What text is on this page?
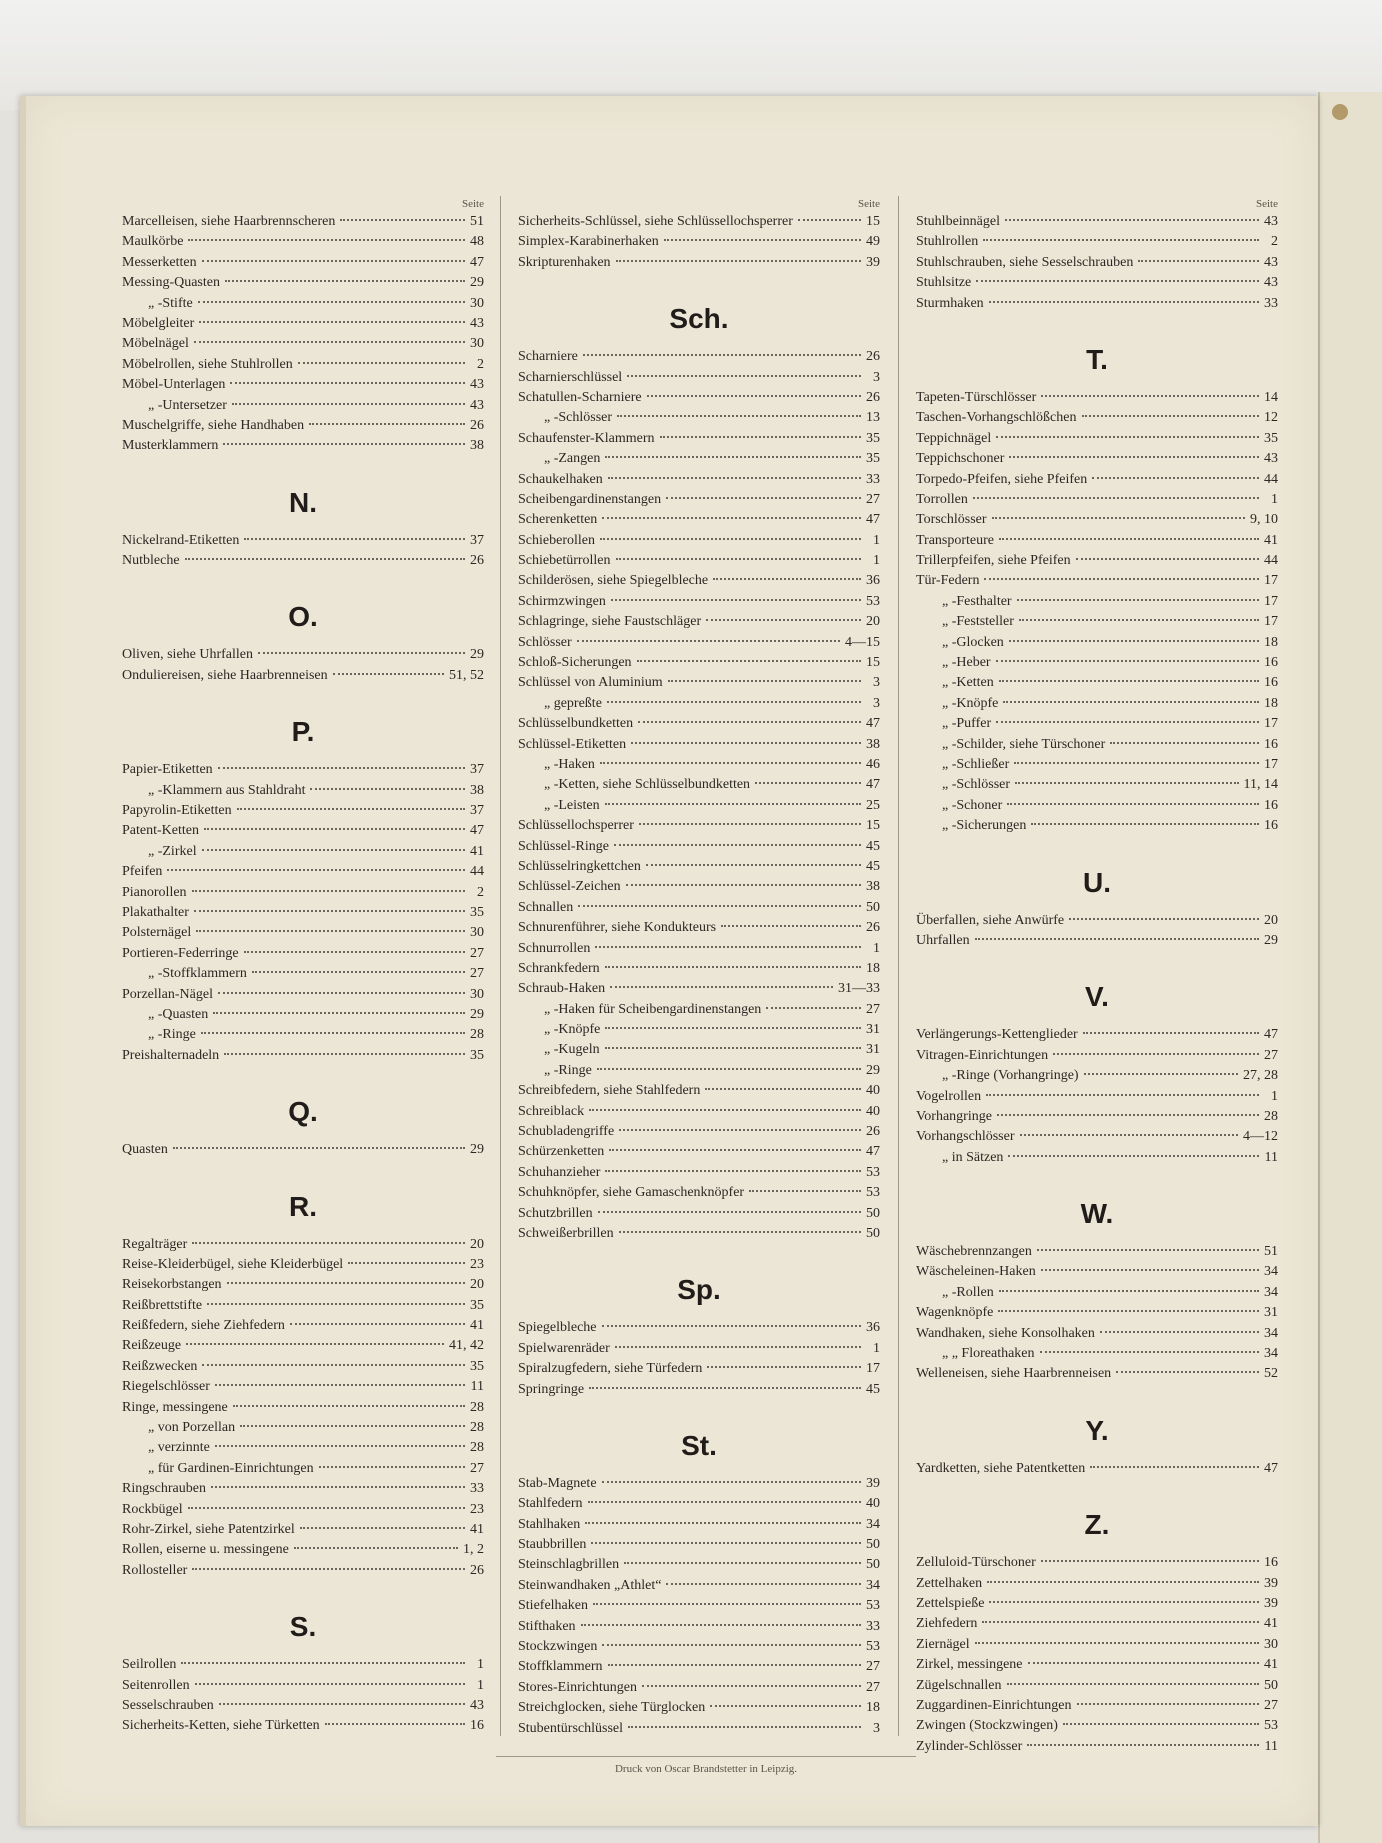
Seite
Marcelleisen, siehe Haarbrennscheren	51
Maulkörbe	48
Messerketten	47
Messing-Quasten	29
„ -Stifte	30
Möbelgleiter	43
Möbelnägel	30
Möbelrollen, siehe Stuhlrollen	2
Möbel-Unterlagen	43
„ -Untersetzer	43
Muschelgriffe, siehe Handhaben	26
Musterklammern	38
N.
Nickelrand-Etiketten	37
Nutbleche	26
O.
Oliven, siehe Uhrfallen	29
Ondulierеisen, siehe Haarbrenneisen	51, 52
P.
Papier-Etiketten	37
„ -Klammern aus Stahldraht	38
Papyrolin-Etiketten	37
Patent-Ketten	47
„ -Zirkel	41
Pfeifen	44
Pianorollen	2
Plakathalter	35
Polsternägel	30
Portieren-Federringe	27
„ -Stoffklammern	27
Porzellan-Nägel	30
„ -Quasten	29
„ -Ringe	28
Preishalternadeln	35
Q.
Quasten	29
R.
Regalträger	20
Reise-Kleiderbügel, siehe Kleiderbügel	23
Reisekorbstangen	20
Reißbrettstifte	35
Reißfedern, siehe Ziehfedern	41
Reißzeuge	41, 42
Reißzwecken	35
Riegelschlösser	11
Ringe, messingene	28
„ von Porzellan	28
„ verzinnte	28
„ für Gardinen-Einrichtungen	27
Ringschrauben	33
Rockbügel	23
Rohr-Zirkel, siehe Patentzirkel	41
Rollen, eiserne u. messingene	1, 2
Rollosteller	26
S.
Seilrollen	1
Seitenrollen	1
Sesselschrauben	43
Sicherheits-Ketten, siehe Türketten	16
Seite
Sicherheits-Schlüssel, siehe Schlüssellochsperrer	15
Simplex-Karabinerhaken	49
Skripturenhaken	39
Sch.
Scharniere	26
Scharnierschlüssel	3
Schatullen-Scharniere	26
„ -Schlösser	13
Schaufenster-Klammern	35
„ -Zangen	35
Schaukelhaken	33
Scheibengardinenstangen	27
Scherenketten	47
Schieberollen	1
Schiebetürrollen	1
Schilderösen, siehe Spiegelbleche	36
Schirmzwingen	53
Schlagringe, siehe Faustschläger	20
Schlösser	4—15
Schloß-Sicherungen	15
Schlüssel von Aluminium	3
„ gepreßte	3
Schlüsselbundketten	47
Schlüssel-Etiketten	38
„ -Haken	46
„ -Ketten, siehe Schlüsselbundketten	47
„ -Leisten	25
Schlüssellochsperrer	15
Schlüssel-Ringe	45
Schlüsselringkettchen	45
Schlüssel-Zeichen	38
Schnallen	50
Schnurenführer, siehe Kondukteurs	26
Schnurrollen	1
Schrankfedern	18
Schraub-Haken	31—33
„ -Haken für Scheibengardinenstangen	27
„ -Knöpfe	31
„ -Kugeln	31
„ -Ringe	29
Schreibfedern, siehe Stahlfedern	40
Schreiblack	40
Schubladengriffe	26
Schürzenketten	47
Schuhanzieher	53
Schuhknöpfer, siehe Gamaschenknöpfer	53
Schutzbrillen	50
Schweißerbrillen	50
Sp.
Spiegelbleche	36
Spielwarenräder	1
Spiralzugfedern, siehe Türfedern	17
Springringe	45
St.
Stab-Magnete	39
Stahlfedern	40
Stahlhaken	34
Staubbrillen	50
Steinschlagbrillen	50
Steinwandhaken „Athlet“	34
Stiefelhaken	53
Stifthaken	33
Stockzwingen	53
Stoffklammern	27
Stores-Einrichtungen	27
Streichglocken, siehe Türglocken	18
Stubentürschlüssel	3
Seite
Stuhlbeinnägel	43
Stuhlrollen	2
Stuhlschrauben, siehe Sesselschrauben	43
Stuhlsitze	43
Sturmhaken	33
T.
Tapeten-Türschlösser	14
Taschen-Vorhangschlößchen	12
Teppichnägel	35
Teppichschoner	43
Torpedo-Pfeifen, siehe Pfeifen	44
Torrollen	1
Torschlösser	9, 10
Transporteure	41
Trillerpfeifen, siehe Pfeifen	44
Tür-Federn	17
„ -Festhalter	17
„ -Feststeller	17
„ -Glocken	18
„ -Heber	16
„ -Ketten	16
„ -Knöpfe	18
„ -Puffer	17
„ -Schilder, siehe Türschoner	16
„ -Schließer	17
„ -Schlösser	11, 14
„ -Schoner	16
„ -Sicherungen	16
U.
Überfallen, siehe Anwürfe	20
Uhrfallen	29
V.
Verlängerungs-Kettenglieder	47
Vitragen-Einrichtungen	27
„ -Ringe (Vorhangringe)	27, 28
Vogelrollen	1
Vorhangringe	28
Vorhangschlösser	4—12
„ in Sätzen	11
W.
Wäschebrennzangen	51
Wäscheleinen-Haken	34
„ -Rollen	34
Wagenknöpfe	31
Wandhaken, siehe Konsolhaken	34
„ „ Floreathaken	34
Welleneisen, siehe Haarbrenneisen	52
Y.
Yardketten, siehe Patentketten	47
Z.
Zelluloid-Türschoner	16
Zettelhaken	39
Zettelspieße	39
Ziehfedern	41
Ziernägel	30
Zirkel, messingene	41
Zügelschnallen	50
Zuggardinen-Einrichtungen	27
Zwingen (Stockzwingen)	53
Zylinder-Schlösser	11
Druck von Oscar Brandstetter in Leipzig.
